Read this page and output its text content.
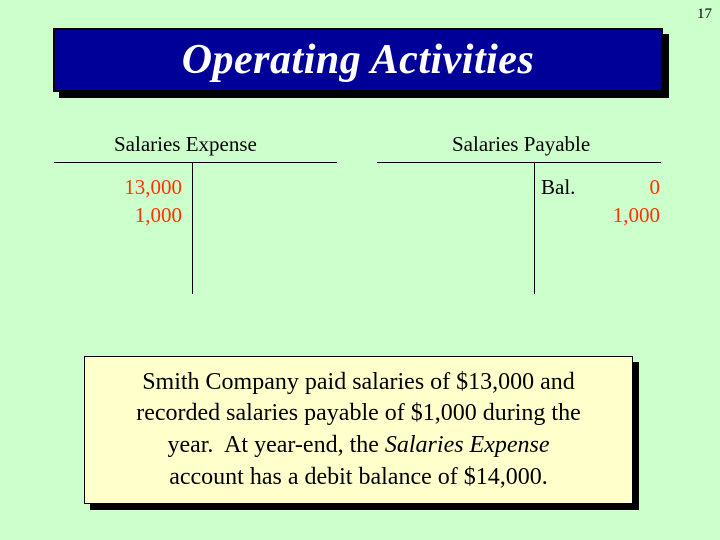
17
Operating Activities
Salaries Expense
13,000
1,000
Salaries Payable
Bal.	0
1,000
Smith Company paid salaries of $13,000 and
recorded salaries payable of $1,000 during the
year.  At year-end, the Salaries Expense
account has a debit balance of $14,000.
